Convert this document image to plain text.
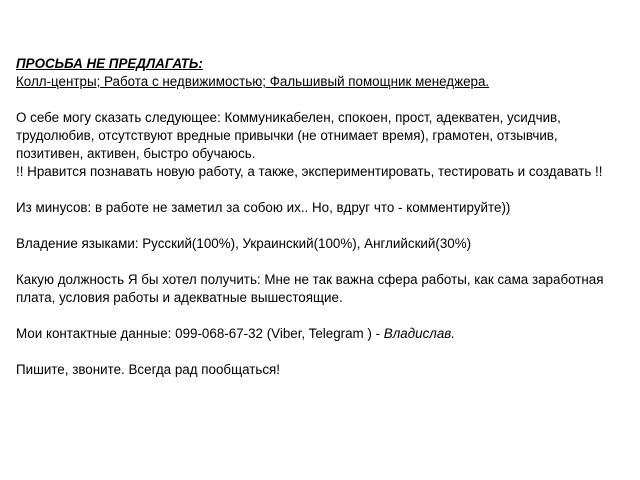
ПРОСЬБА НЕ ПРЕДЛАГАТЬ:
Колл-центры; Работа с недвижимостью; Фальшивый помощник менеджера.
О себе могу сказать следующее: Коммуникабелен, спокоен, прост, адекватен, усидчив,
трудолюбив, отсутствуют вредные привычки (не отнимает время), грамотен, отзывчив,
позитивен, активен, быстро обучаюсь.
!! Нравится познавать новую работу, а также, экспериментировать, тестировать и создавать !!
Из минусов: в работе не заметил за собою их.. Но, вдруг что - комментируйте))
Владение языками: Русский(100%), Украинский(100%), Английский(30%)
Какую должность Я бы хотел получить: Мне не так важна сфера работы, как сама заработная
плата, условия работы и адекватные вышестоящие.
Мои контактные данные: 099-068-67-32 (Viber, Telegram ) - Владислав.
Пишите, звоните. Всегда рад пообщаться!
